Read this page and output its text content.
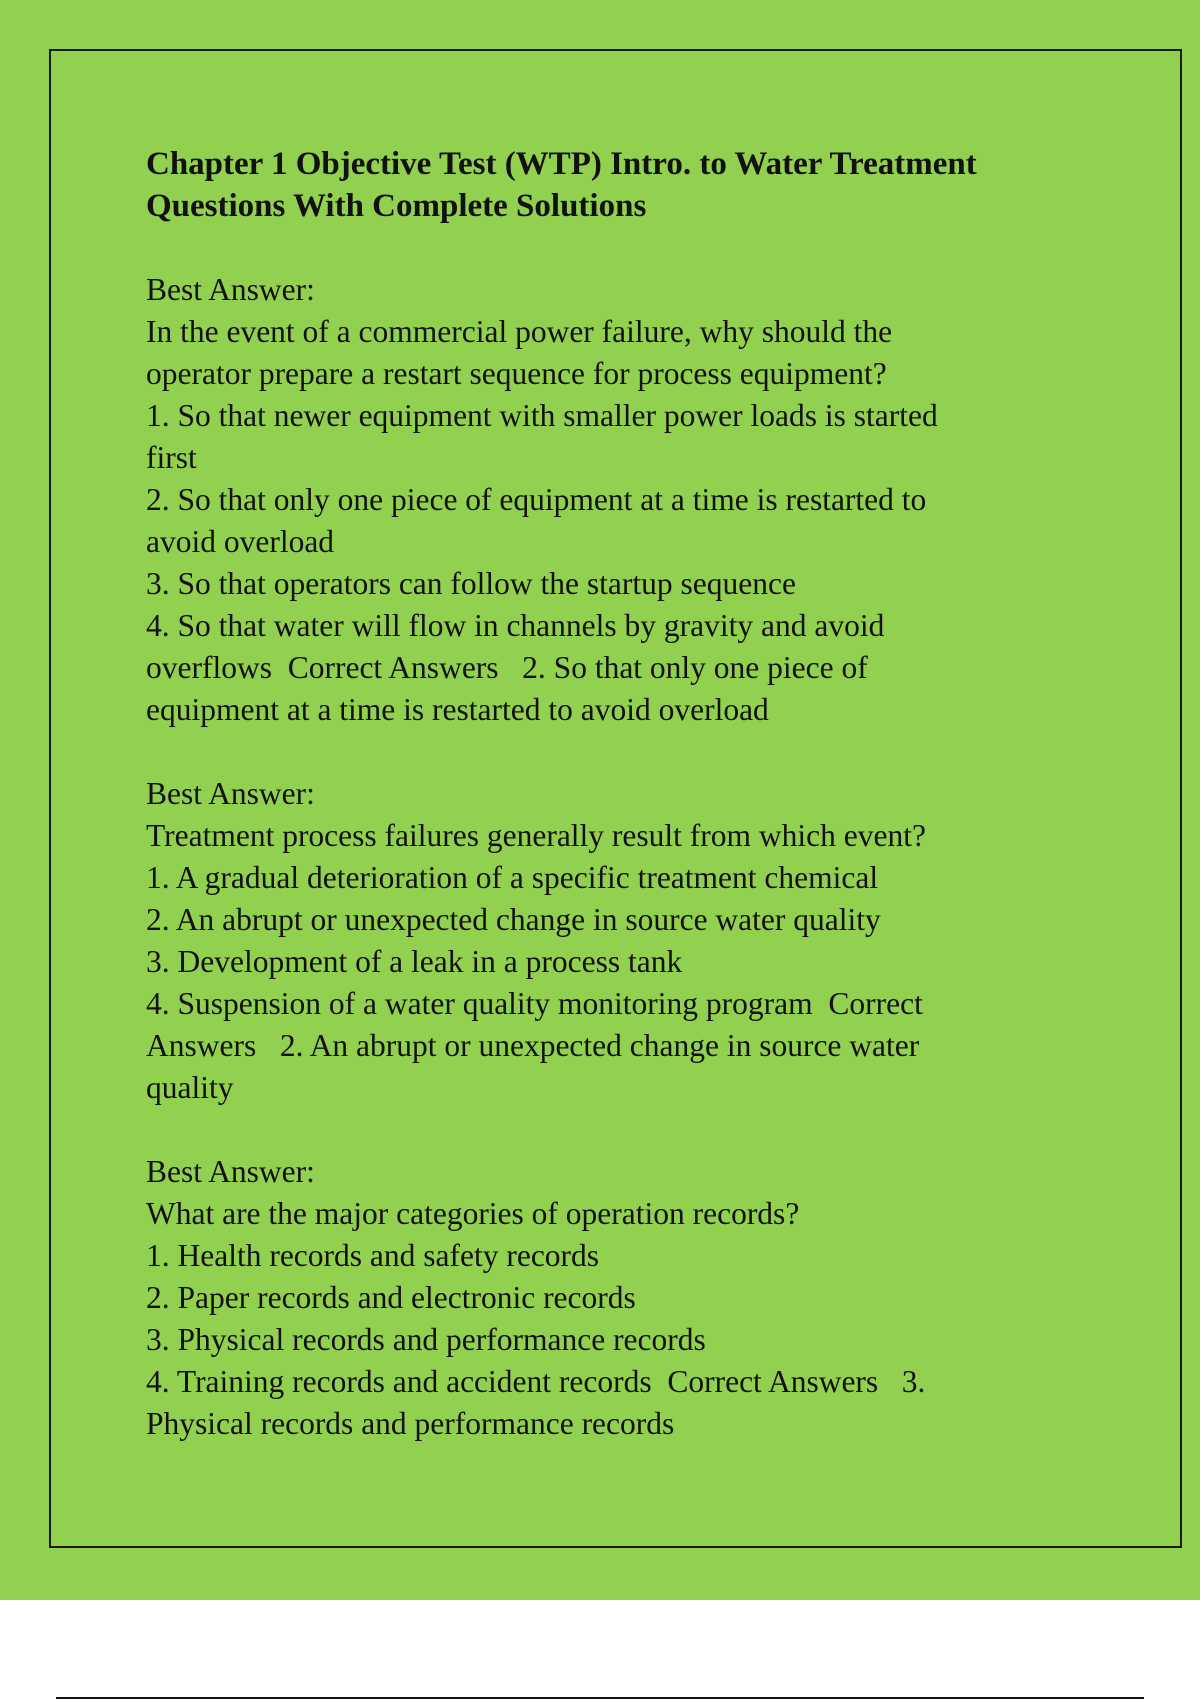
Chapter 1 Objective Test (WTP) Intro. to Water Treatment
Questions With Complete Solutions

Best Answer:

In the event of a commercial power failure, why should the

operator prepare a restart sequence for process equipment?

1. So that newer equipment with smaller power loads is started

first

2. So that only one piece of equipment at a time is restarted to

avoid overload

3. So that operators can follow the startup sequence

4. So that water will flow in channels by gravity and avoid

overflows  Correct Answers   2. So that only one piece of

equipment at a time is restarted to avoid overload

Best Answer:

Treatment process failures generally result from which event?

1. A gradual deterioration of a specific treatment chemical

2. An abrupt or unexpected change in source water quality

3. Development of a leak in a process tank

4. Suspension of a water quality monitoring program  Correct

Answers   2. An abrupt or unexpected change in source water

quality

Best Answer:

What are the major categories of operation records?

1. Health records and safety records

2. Paper records and electronic records

3. Physical records and performance records

4. Training records and accident records  Correct Answers   3.

Physical records and performance records
